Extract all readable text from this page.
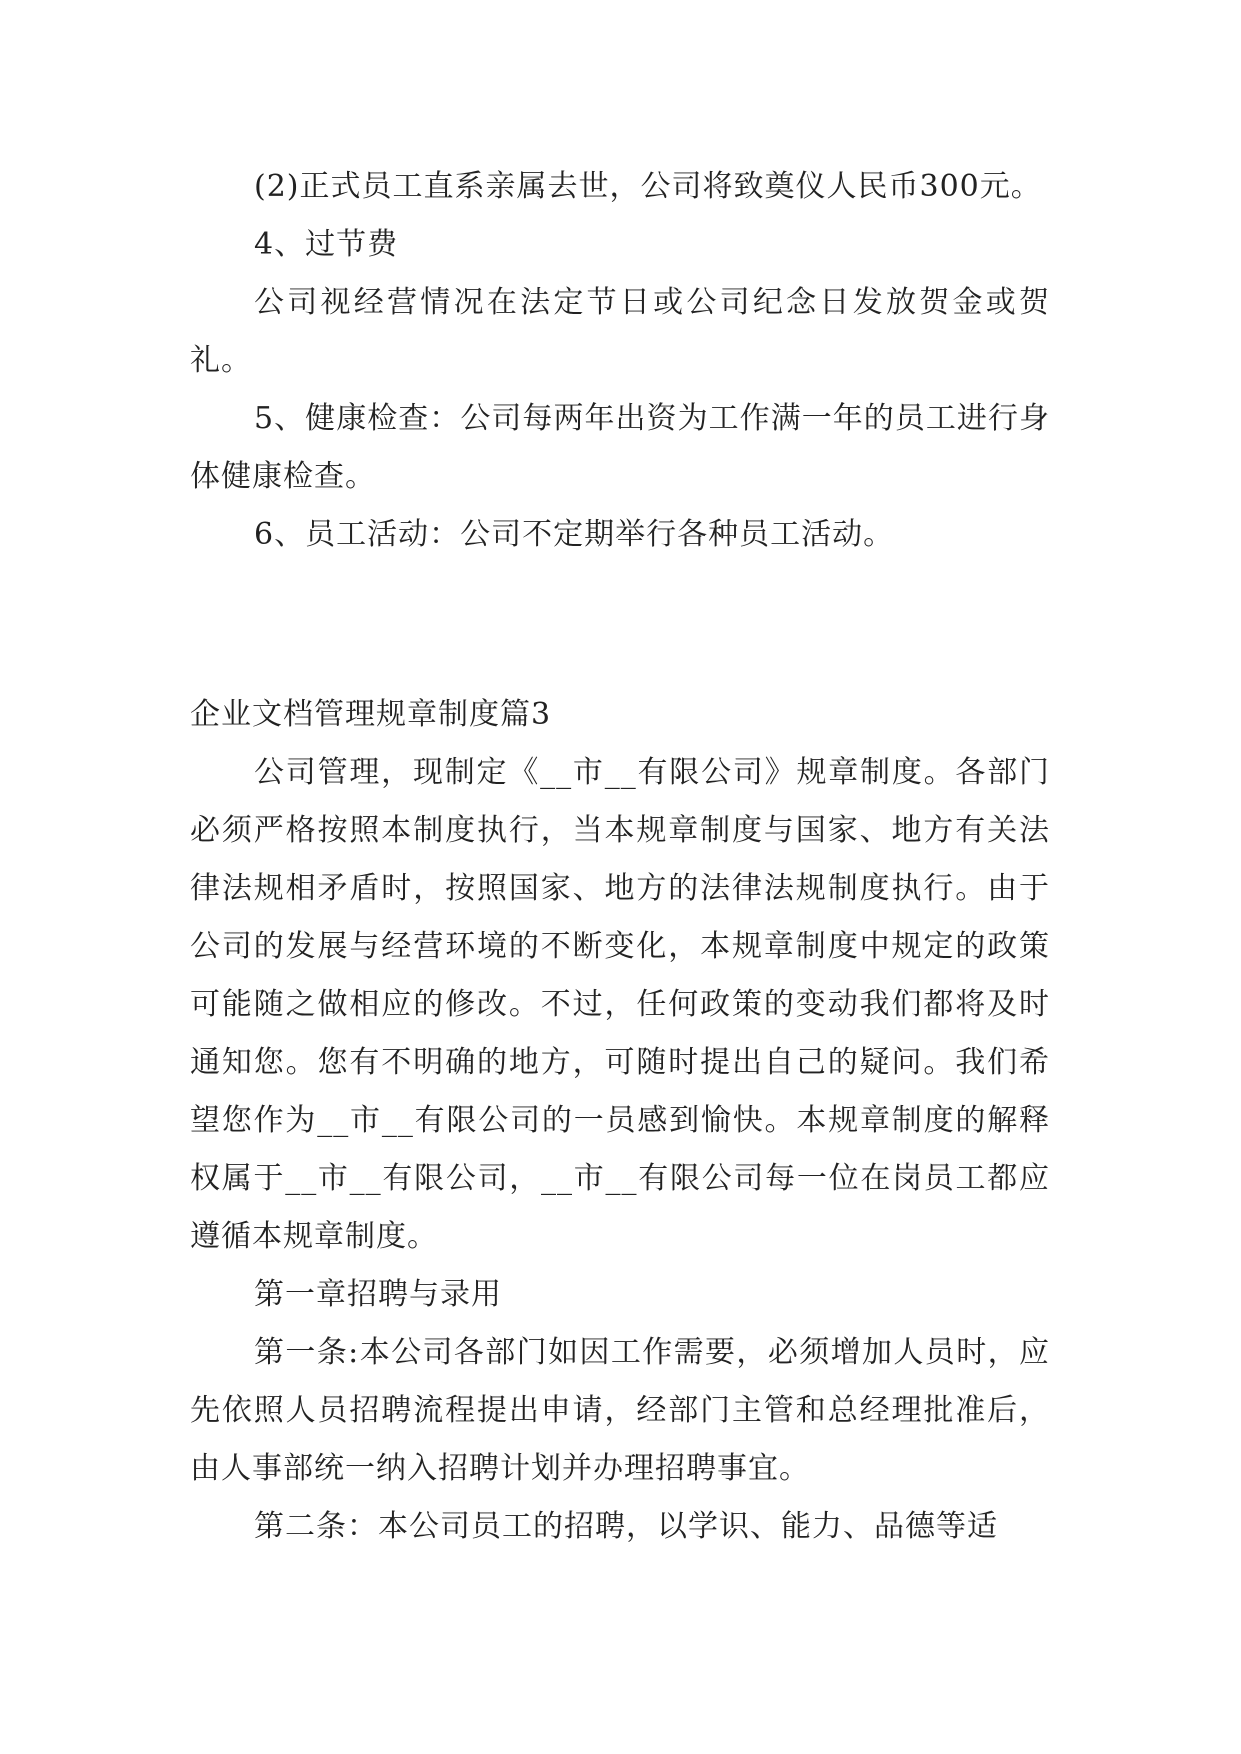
(2)正式员工直系亲属去世，公司将致奠仪人民币300元。

4、过节费

公司视经营情况在法定节日或公司纪念日发放贺金或贺礼。

5、健康检查：公司每两年出资为工作满一年的员工进行身体健康检查。

6、员工活动：公司不定期举行各种员工活动。

企业文档管理规章制度篇3

公司管理，现制定《__市__有限公司》规章制度。各部门必须严格按照本制度执行，当本规章制度与国家、地方有关法律法规相矛盾时，按照国家、地方的法律法规制度执行。由于公司的发展与经营环境的不断变化，本规章制度中规定的政策可能随之做相应的修改。不过，任何政策的变动我们都将及时通知您。您有不明确的地方，可随时提出自己的疑问。我们希望您作为__市__有限公司的一员感到愉快。本规章制度的解释权属于__市__有限公司，__市__有限公司每一位在岗员工都应遵循本规章制度。

第一章招聘与录用

第一条:本公司各部门如因工作需要，必须增加人员时，应先依照人员招聘流程提出申请，经部门主管和总经理批准后，由人事部统一纳入招聘计划并办理招聘事宜。

第二条：本公司员工的招聘，以学识、能力、品德等适
